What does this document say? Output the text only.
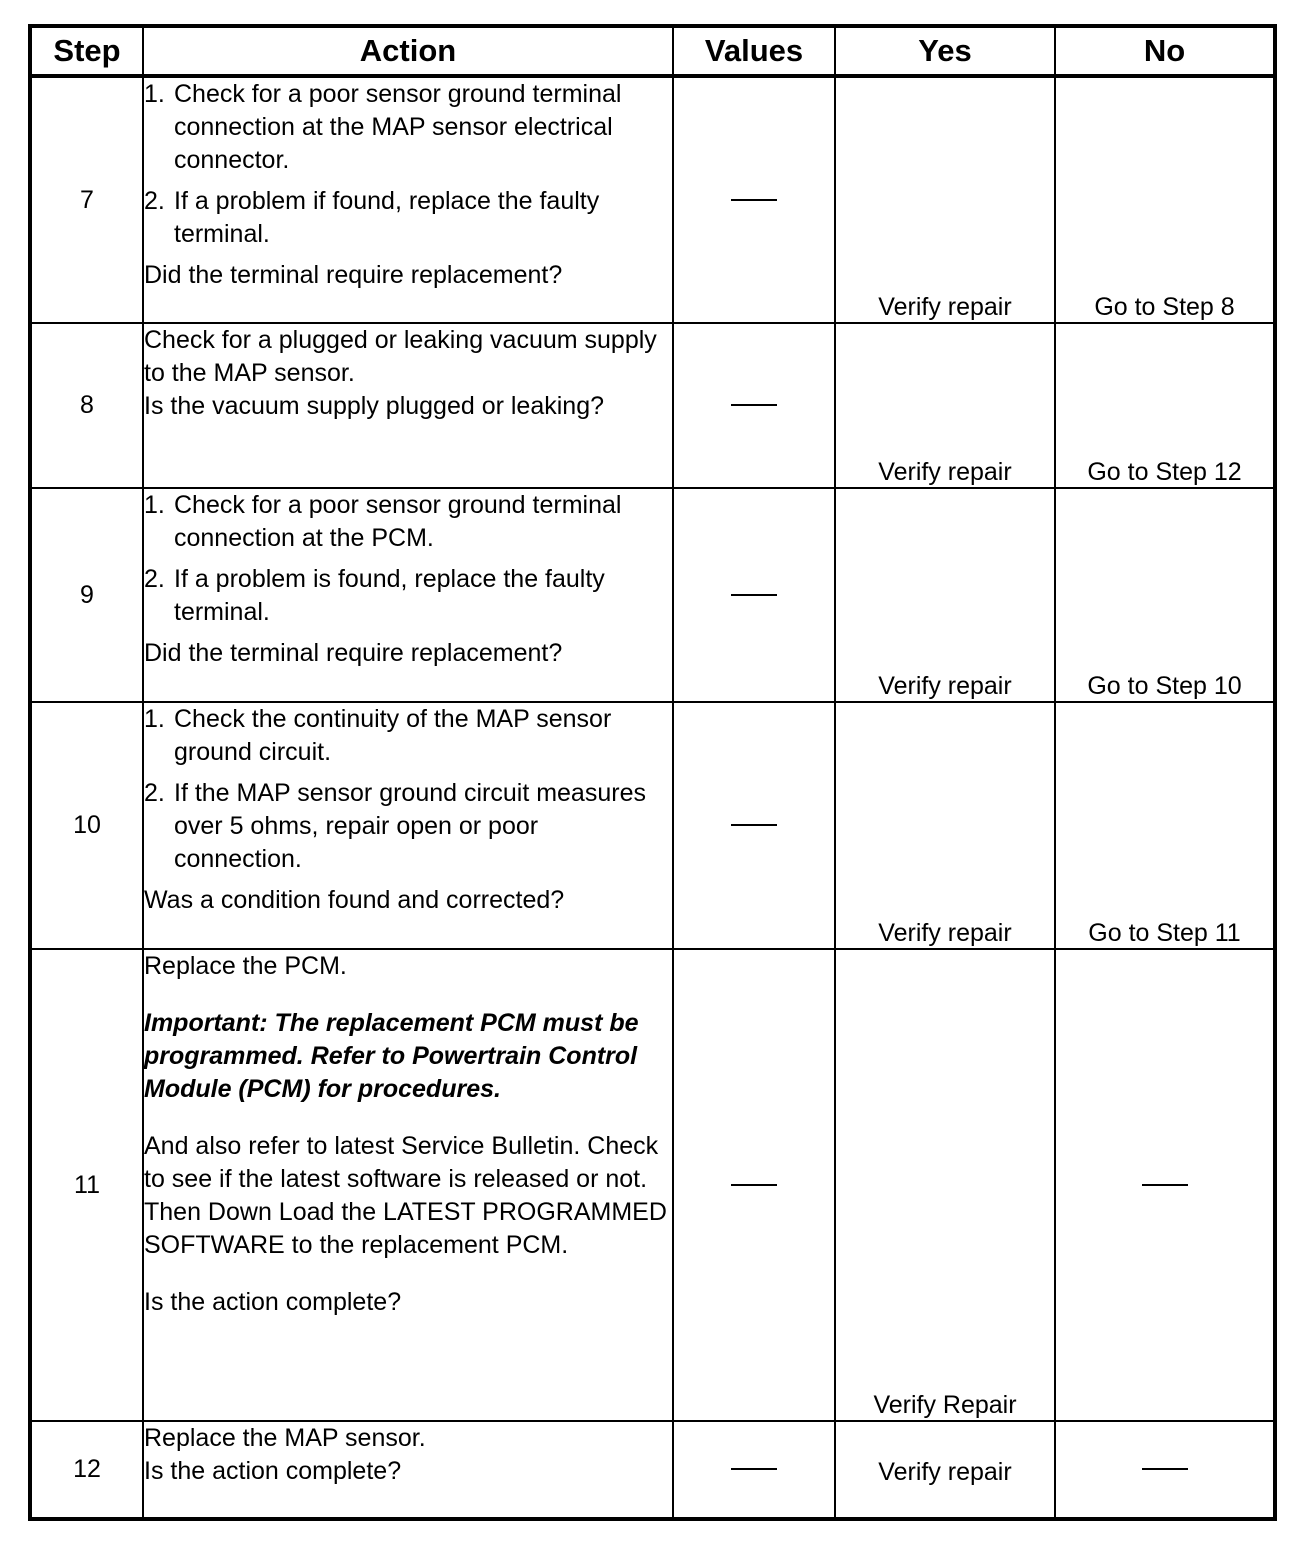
Step	Action	Values	Yes	No
7	1. Check for a poor sensor ground terminal connection at the MAP sensor electrical connector.
2. If a problem if found, replace the faulty terminal.

Did the terminal require replacement?		Verify repair	Go to Step 8
8	Check for a plugged or leaking vacuum supply to the MAP sensor.

Is the vacuum supply plugged or leaking?		Verify repair	Go to Step 12
9	1. Check for a poor sensor ground terminal connection at the PCM.
2. If a problem is found, replace the faulty terminal.

Did the terminal require replacement?		Verify repair	Go to Step 10
10	1. Check the continuity of the MAP sensor ground circuit.
2. If the MAP sensor ground circuit measures over 5 ohms, repair open or poor connection.

Was a condition found and corrected?		Verify repair	Go to Step 11
11	Replace the PCM.

Important: The replacement PCM must be programmed. Refer to Powertrain Control Module (PCM) for procedures.

And also refer to latest Service Bulletin. Check to see if the latest software is released or not. Then Down Load the LATEST PROGRAMMED SOFTWARE to the replacement PCM.

Is the action complete?		Verify Repair	
12	Replace the MAP sensor.

Is the action complete?		Verify repair	
